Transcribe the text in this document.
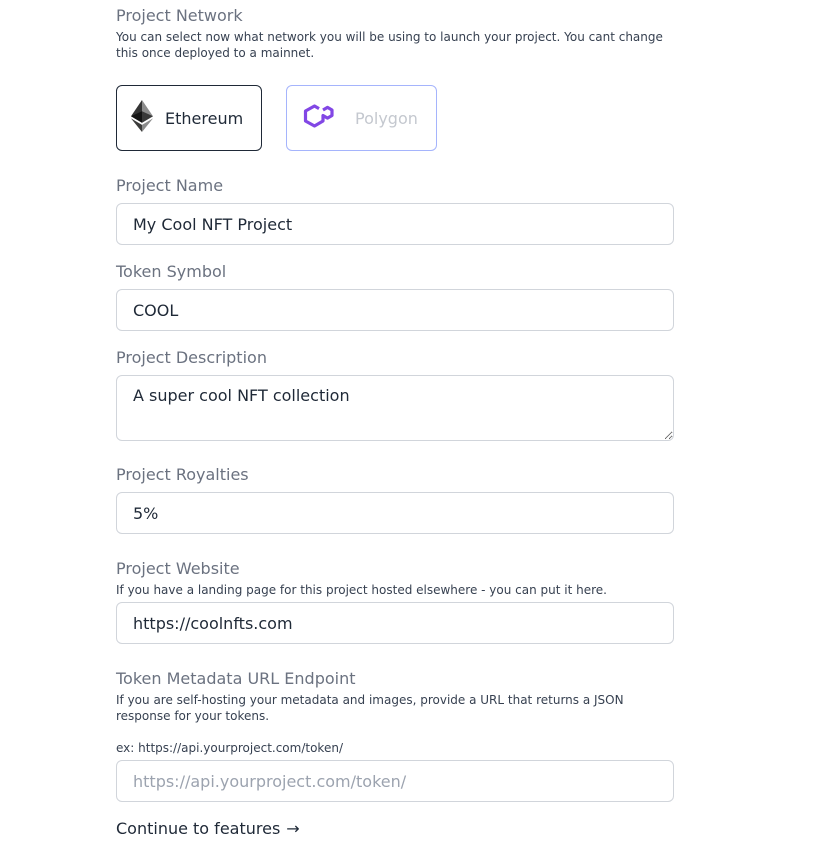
Project Network
You can select now what network you will be using to launch your project. You cant change this once deployed to a mainnet.
Ethereum	Polygon
Project Name
My Cool NFT Project
Token Symbol
COOL
Project Description
A super cool NFT collection
Project Royalties
5%
Project Website
If you have a landing page for this project hosted elsewhere - you can put it here.
https://coolnfts.com
Token Metadata URL Endpoint
If you are self-hosting your metadata and images, provide a URL that returns a JSON response for your tokens.
ex: https://api.yourproject.com/token/
https://api.yourproject.com/token/
Continue to features →
